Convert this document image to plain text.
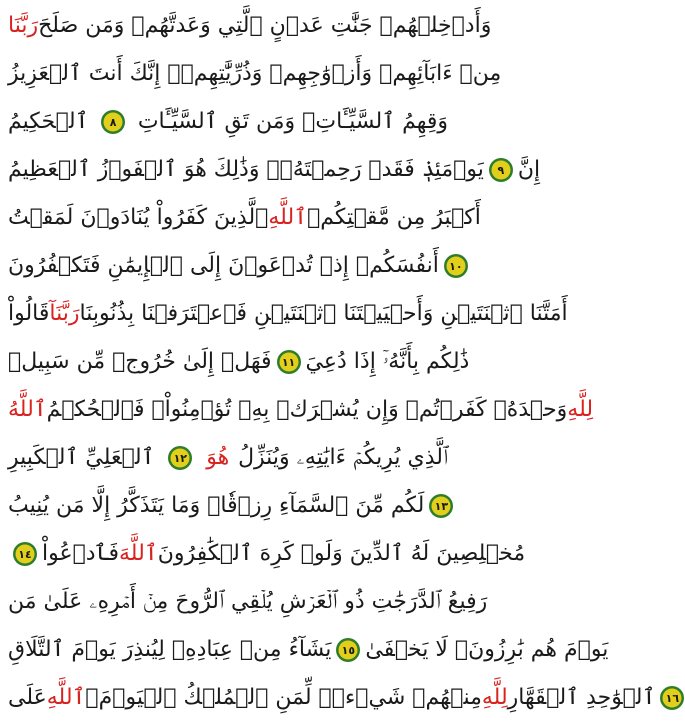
رَبَّنَا وَأَدۡخِلۡهُمۡ جَنَّٰتِ عَدۡنٍ ٱلَّتِي وَعَدتَّهُمۡ وَمَن صَلَحَ
مِنۡ ءَابَآئِهِمۡ وَأَزۡوَٰجِهِمۡ وَذُرِّيَّٰتِهِمۡۚ إِنَّكَ أَنتَ ٱلۡعَزِيزُ
ٱلۡحَكِيمُ ٨ وَقِهِمُ ٱلسَّيِّـَٔاتِۚ وَمَن تَقِ ٱلسَّيِّـَٔاتِ
يَوۡمَئِذٖ فَقَدۡ رَحِمۡتَهُۥۚ وَذَٰلِكَ هُوَ ٱلۡفَوۡزُ ٱلۡعَظِيمُ ٩ إِنَّ
ٱلَّذِينَ كَفَرُواْ يُنَادَوۡنَ لَمَقۡتُ ٱللَّهِ أَكۡبَرُ مِن مَّقۡتِكُمۡ
أَنفُسَكُمۡ إِذۡ تُدۡعَوۡنَ إِلَى ٱلۡإِيمَٰنِ فَتَكۡفُرُونَ ١٠
قَالُواْ رَبَّنَآ أَمَتَّنَا ٱثۡنَتَيۡنِ وَأَحۡيَيۡتَنَا ٱثۡنَتَيۡنِ فَٱعۡتَرَفۡنَا بِذُنُوبِنَا
فَهَلۡ إِلَىٰ خُرُوجٖ مِّن سَبِيلٖ ١١ ذَٰلِكُم بِأَنَّهُۥٓ إِذَا دُعِيَ
ٱللَّهُ وَحۡدَهُۥ كَفَرۡتُمۡ وَإِن يُشۡرَكۡ بِهِۦ تُؤۡمِنُواْۚ فَٱلۡحُكۡمُ لِلَّهِ
ٱلۡعَلِيِّ ٱلۡكَبِيرِ ١٢ هُوَ ٱلَّذِي يُرِيكُمۡ ءَايَٰتِهِۦ وَيُنَزِّلُ
لَكُم مِّنَ ٱلسَّمَآءِ رِزۡقٗاۚ وَمَا يَتَذَكَّرُ إِلَّا مَن يُنِيبُ ١٣
١٤ فَٱدۡعُواْ ٱللَّهَ مُخۡلِصِينَ لَهُ ٱلدِّينَ وَلَوۡ كَرِهَ ٱلۡكَٰفِرُونَ
رَفِيعُ ٱلدَّرَجَٰتِ ذُو ٱلۡعَرۡشِ يُلۡقِي ٱلرُّوحَ مِنۡ أَمۡرِهِۦ عَلَىٰ مَن
يَشَآءُ مِنۡ عِبَادِهِۦ لِيُنذِرَ يَوۡمَ ٱلتَّلَاقِ ١٥ يَوۡمَ هُم بَٰرِزُونَۖ لَا يَخۡفَىٰ
عَلَى ٱللَّهِ مِنۡهُمۡ شَيۡءٞۚ لِّمَنِ ٱلۡمُلۡكُ ٱلۡيَوۡمَۖ لِلَّهِ ٱلۡوَٰحِدِ ٱلۡقَهَّارِ ١٦
